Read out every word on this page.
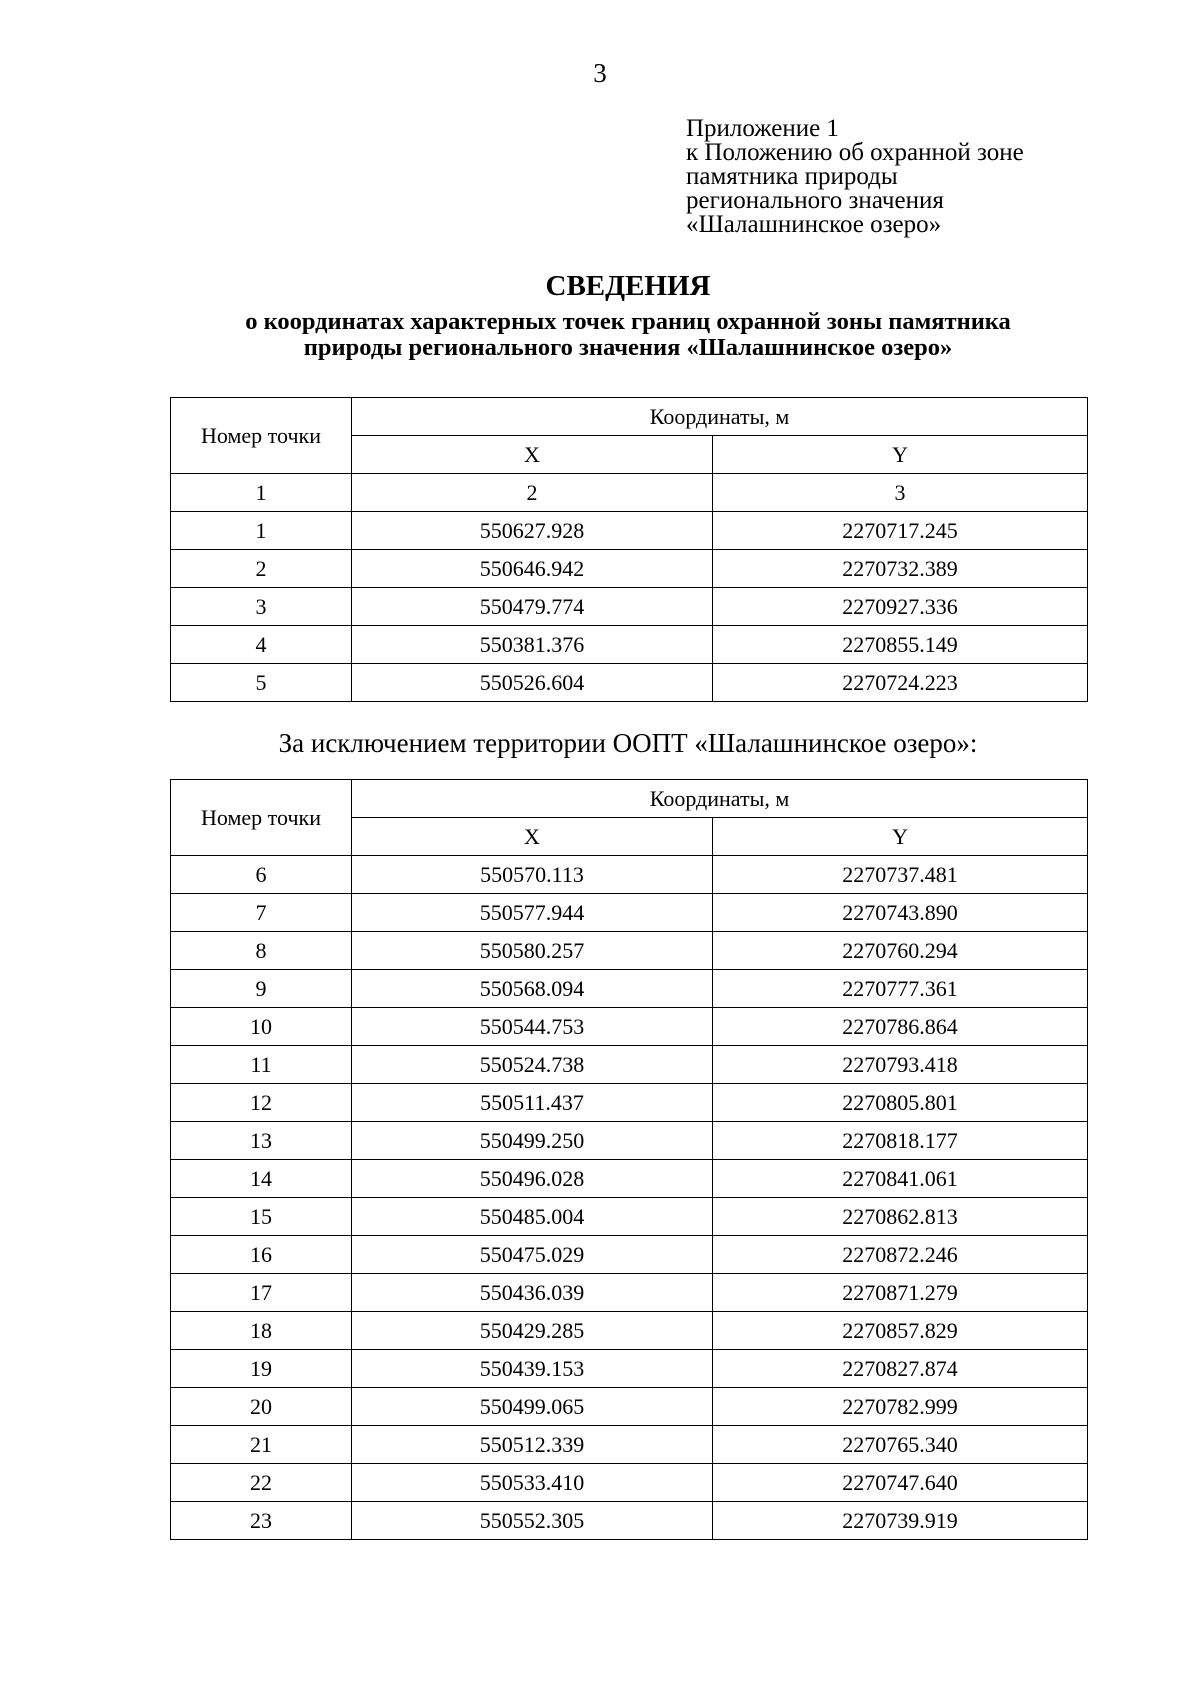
3
Приложение 1
к Положению об охранной зоне
памятника природы
регионального значения
«Шалашнинское озеро»
СВЕДЕНИЯ
о координатах характерных точек границ охранной зоны памятника
природы регионального значения «Шалашнинское озеро»
Номер точки	Координаты, м	
	X	Y
1	2	3
1	550627.928	2270717.245
2	550646.942	2270732.389
3	550479.774	2270927.336
4	550381.376	2270855.149
5	550526.604	2270724.223
За исключением территории ООПТ «Шалашнинское озеро»:
Номер точки	Координаты, м	
	X	Y
6	550570.113	2270737.481
7	550577.944	2270743.890
8	550580.257	2270760.294
9	550568.094	2270777.361
10	550544.753	2270786.864
11	550524.738	2270793.418
12	550511.437	2270805.801
13	550499.250	2270818.177
14	550496.028	2270841.061
15	550485.004	2270862.813
16	550475.029	2270872.246
17	550436.039	2270871.279
18	550429.285	2270857.829
19	550439.153	2270827.874
20	550499.065	2270782.999
21	550512.339	2270765.340
22	550533.410	2270747.640
23	550552.305	2270739.919
